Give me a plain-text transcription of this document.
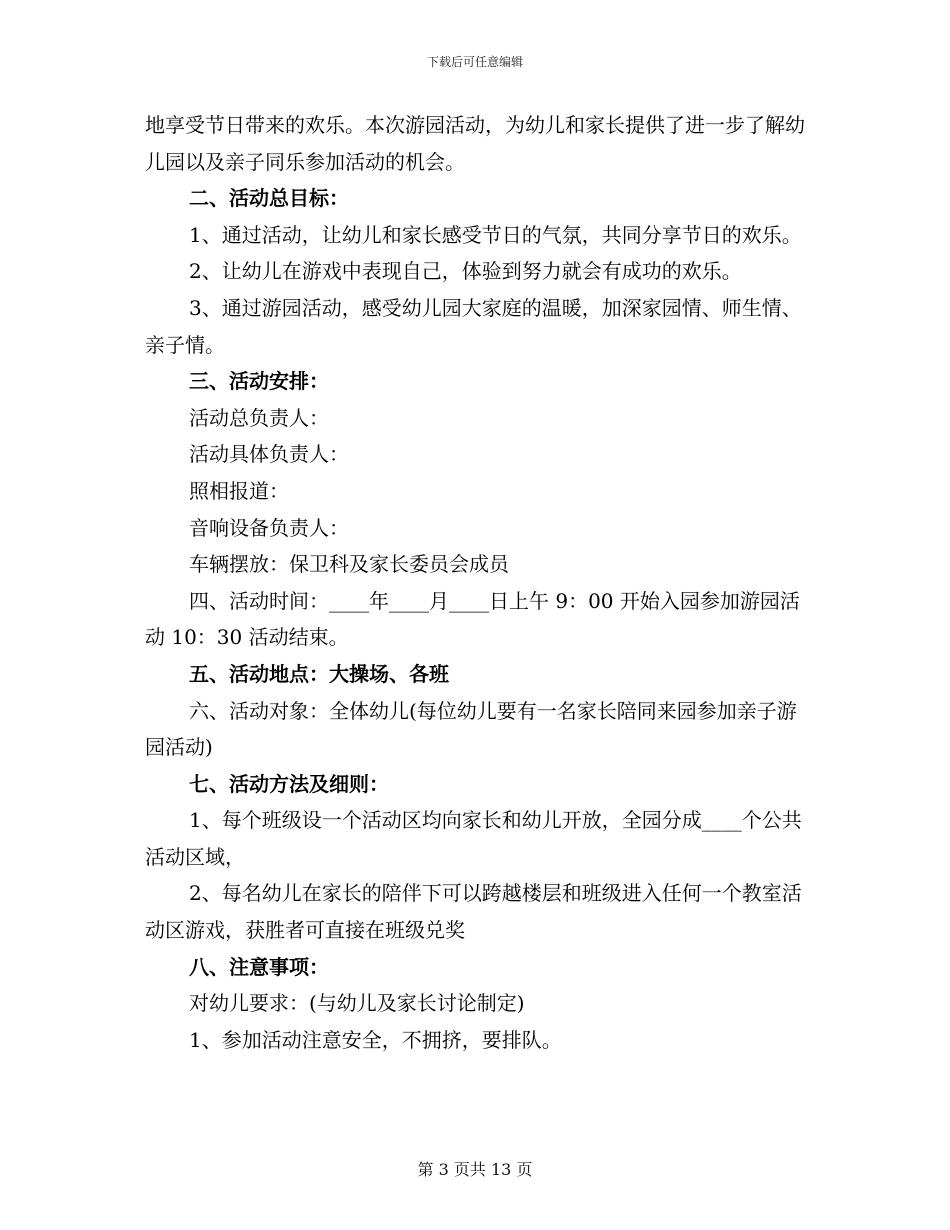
下载后可任意编辑

地享受节日带来的欢乐。本次游园活动，为幼儿和家长提供了进一步了解幼儿园以及亲子同乐参加活动的机会。

二、活动总目标：

1、通过活动，让幼儿和家长感受节日的气氛，共同分享节日的欢乐。

2、让幼儿在游戏中表现自己，体验到努力就会有成功的欢乐。

3、通过游园活动，感受幼儿园大家庭的温暖，加深家园情、师生情、亲子情。

三、活动安排：

活动总负责人：

活动具体负责人：

照相报道：

音响设备负责人：

车辆摆放：保卫科及家长委员会成员

四、活动时间：____年____月____日上午 9：00 开始入园参加游园活动 10：30 活动结束。

五、活动地点：大操场、各班

六、活动对象：全体幼儿(每位幼儿要有一名家长陪同来园参加亲子游园活动)

七、活动方法及细则：

1、每个班级设一个活动区均向家长和幼儿开放，全园分成____个公共活动区域，

2、每名幼儿在家长的陪伴下可以跨越楼层和班级进入任何一个教室活动区游戏，获胜者可直接在班级兑奖

八、注意事项：

对幼儿要求：(与幼儿及家长讨论制定)

1、参加活动注意安全，不拥挤，要排队。

第 3 页共 13 页
